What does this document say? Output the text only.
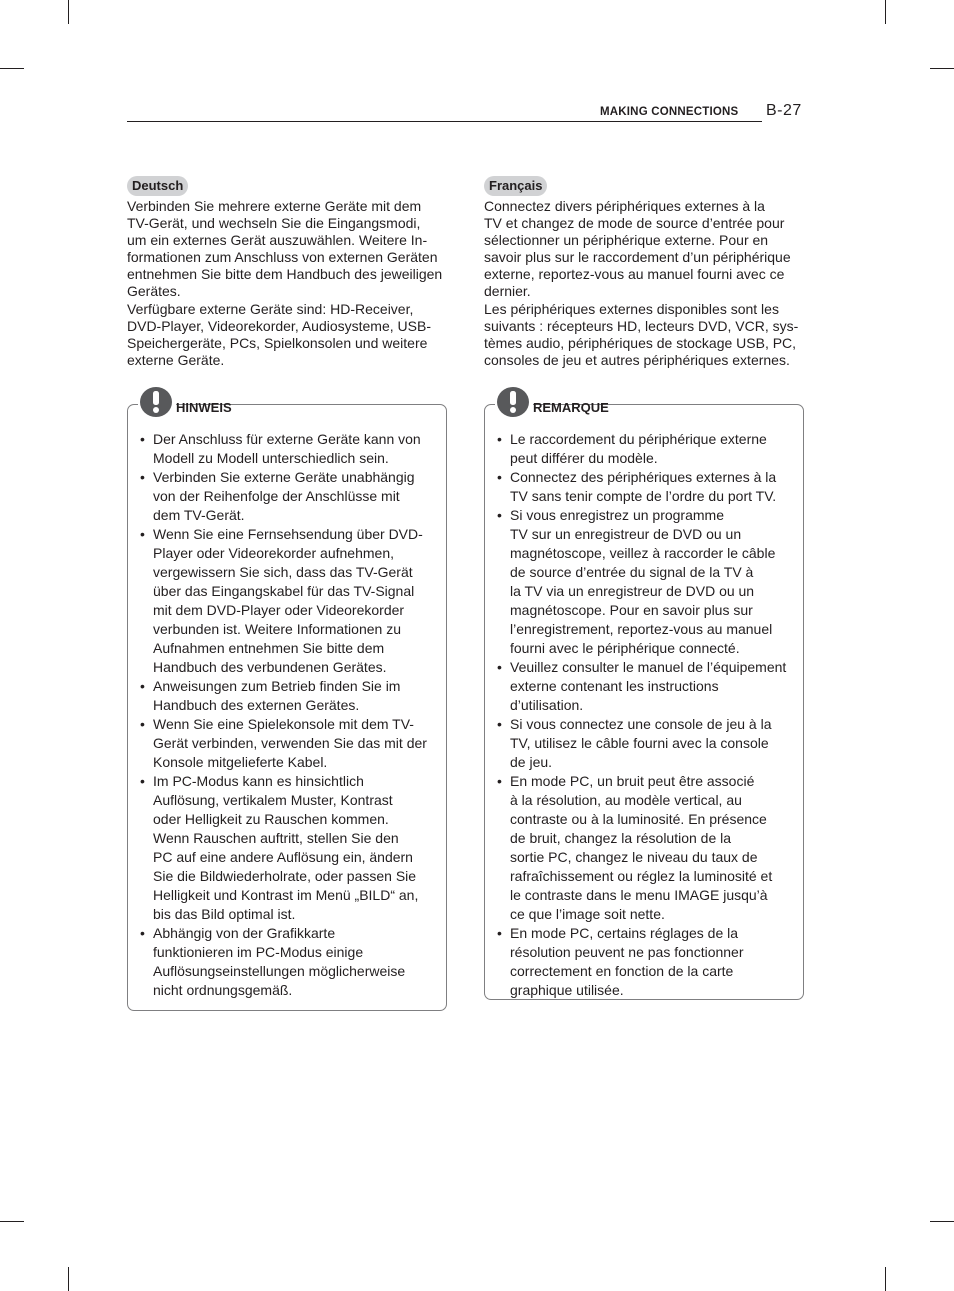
MAKING CONNECTIONS B-27
Deutsch
Verbinden Sie mehrere externe Geräte mit dem
TV-Gerät, und wechseln Sie die Eingangsmodi,
um ein externes Gerät auszuwählen. Weitere In-
formationen zum Anschluss von externen Geräten
entnehmen Sie bitte dem Handbuch des jeweiligen
Gerätes.
Verfügbare externe Geräte sind: HD-Receiver,
DVD-Player, Videorekorder, Audiosysteme, USB-
Speichergeräte, PCs, Spielkonsolen und weitere
externe Geräte.
HINWEIS
• Der Anschluss für externe Geräte kann von
Modell zu Modell unterschiedlich sein.
• Verbinden Sie externe Geräte unabhängig
von der Reihenfolge der Anschlüsse mit
dem TV-Gerät.
• Wenn Sie eine Fernsehsendung über DVD-
Player oder Videorekorder aufnehmen,
vergewissern Sie sich, dass das TV-Gerät
über das Eingangskabel für das TV-Signal
mit dem DVD-Player oder Videorekorder
verbunden ist. Weitere Informationen zu
Aufnahmen entnehmen Sie bitte dem
Handbuch des verbundenen Gerätes.
• Anweisungen zum Betrieb finden Sie im
Handbuch des externen Gerätes.
• Wenn Sie eine Spielekonsole mit dem TV-
Gerät verbinden, verwenden Sie das mit der
Konsole mitgelieferte Kabel.
• Im PC-Modus kann es hinsichtlich
Auflösung, vertikalem Muster, Kontrast
oder Helligkeit zu Rauschen kommen.
Wenn Rauschen auftritt, stellen Sie den
PC auf eine andere Auflösung ein, ändern
Sie die Bildwiederholrate, oder passen Sie
Helligkeit und Kontrast im Menü „BILD“ an,
bis das Bild optimal ist.
• Abhängig von der Grafikkarte
funktionieren im PC-Modus einige
Auflösungseinstellungen möglicherweise
nicht ordnungsgemäß.
Français
Connectez divers périphériques externes à la
TV et changez de mode de source d’entrée pour
sélectionner un périphérique externe. Pour en
savoir plus sur le raccordement d’un périphérique
externe, reportez-vous au manuel fourni avec ce
dernier.
Les périphériques externes disponibles sont les
suivants : récepteurs HD, lecteurs DVD, VCR, sys-
tèmes audio, périphériques de stockage USB, PC,
consoles de jeu et autres périphériques externes.
REMARQUE
• Le raccordement du périphérique externe
peut différer du modèle.
• Connectez des périphériques externes à la
TV sans tenir compte de l’ordre du port TV.
• Si vous enregistrez un programme
TV sur un enregistreur de DVD ou un
magnétoscope, veillez à raccorder le câble
de source d’entrée du signal de la TV à
la TV via un enregistreur de DVD ou un
magnétoscope. Pour en savoir plus sur
l’enregistrement, reportez-vous au manuel
fourni avec le périphérique connecté.
• Veuillez consulter le manuel de l’équipement
externe contenant les instructions
d’utilisation.
• Si vous connectez une console de jeu à la
TV, utilisez le câble fourni avec la console
de jeu.
• En mode PC, un bruit peut être associé
à la résolution, au modèle vertical, au
contraste ou à la luminosité. En présence
de bruit, changez la résolution de la
sortie PC, changez le niveau du taux de
rafraîchissement ou réglez la luminosité et
le contraste dans le menu IMAGE jusqu’à
ce que l’image soit nette.
• En mode PC, certains réglages de la
résolution peuvent ne pas fonctionner
correctement en fonction de la carte
graphique utilisée.
